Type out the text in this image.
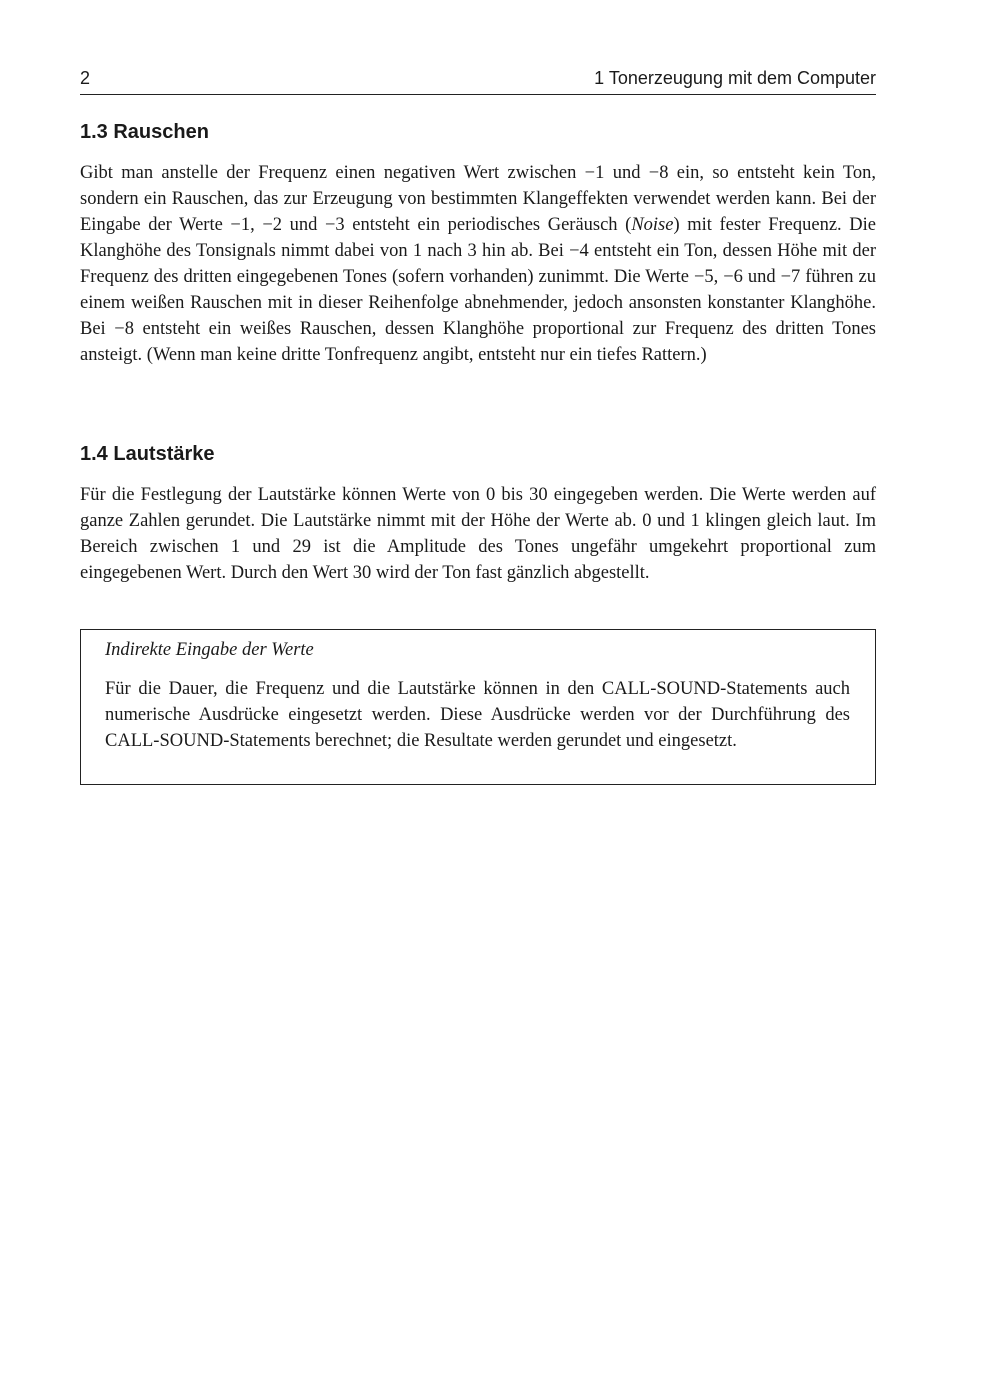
2	1 Tonerzeugung mit dem Computer
1.3 Rauschen

Gibt man anstelle der Frequenz einen negativen Wert zwischen −1 und −8 ein, so entsteht kein Ton, sondern ein Rauschen, das zur Erzeugung von bestimmten Klangeffekten verwendet werden kann. Bei der Eingabe der Werte −1, −2 und −3 entsteht ein periodisches Geräusch (Noise) mit fester Frequenz. Die Klanghöhe des Tonsignals nimmt dabei von 1 nach 3 hin ab. Bei −4 entsteht ein Ton, dessen Höhe mit der Frequenz des dritten eingegebenen Tones (sofern vorhanden) zunimmt. Die Werte −5, −6 und −7 führen zu einem weißen Rauschen mit in dieser Reihenfolge abnehmender, jedoch ansonsten konstanter Klanghöhe. Bei −8 entsteht ein weißes Rauschen, dessen Klanghöhe proportional zur Frequenz des dritten Tones ansteigt. (Wenn man keine dritte Tonfrequenz angibt, entsteht nur ein tiefes Rattern.)

1.4 Lautstärke

Für die Festlegung der Lautstärke können Werte von 0 bis 30 eingegeben werden. Die Werte werden auf ganze Zahlen gerundet. Die Lautstärke nimmt mit der Höhe der Werte ab. 0 und 1 klingen gleich laut. Im Bereich zwischen 1 und 29 ist die Amplitude des Tones ungefähr umgekehrt proportional zum eingegebenen Wert. Durch den Wert 30 wird der Ton fast gänzlich abgestellt.

Indirekte Eingabe der Werte

Für die Dauer, die Frequenz und die Lautstärke können in den CALL-SOUND-Statements auch numerische Ausdrücke eingesetzt werden. Diese Ausdrücke werden vor der Durchführung des CALL-SOUND-Statements berechnet; die Resultate werden gerundet und eingesetzt.
